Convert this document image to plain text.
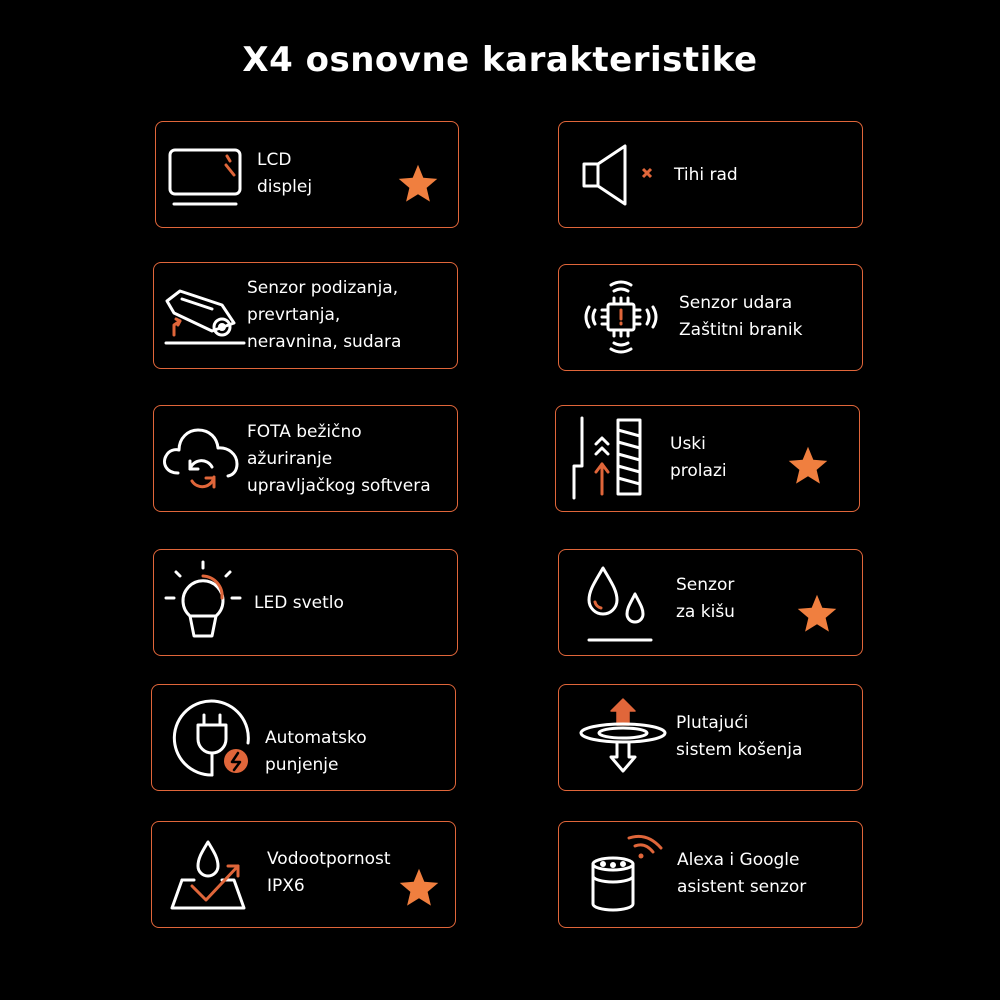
X4 osnovne karakteristike
LCD
displej
Tihi rad
Senzor podizanja,
prevrtanja,
neravnina, sudara
Senzor udara
Zaštitni branik
FOTA bežično
ažuriranje
upravljačkog softvera
Uski
prolazi
LED svetlo
Senzor
za kišu
Automatsko
punjenje
Plutajući
sistem košenja
Vodootpornost
IPX6
Alexa i Google
asistent senzor
